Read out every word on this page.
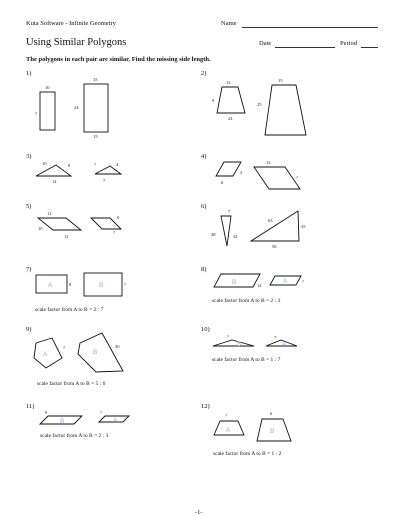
Kuta Software - Infinite Geometry	Name
Using Similar Polygons	Date	Period
The polygons in each pair are similar. Find the missing side length.
1)	2)
3)	4)
5)	6)
7)	8)
9)	10)
11)	12)
scale factor from A to B = 2 : 7
scale factor from A to B = 2 : 3
scale factor from A to B = 5 : 6
scale factor from A to B = 1 : 7
scale factor from A to B = 2 : 3
scale factor from A to B = 1 : 2
-1-
10
?
15
24
15
12
9
24
15
25
10	8
14
?	4
7
3
6
12
?
12
10
12
6
?
7
48	34
63
35
56
A	8	B	?	B	12
A	?
A
?
B
30	B
?
A
7
B
9
A
?
A
?
B
6
